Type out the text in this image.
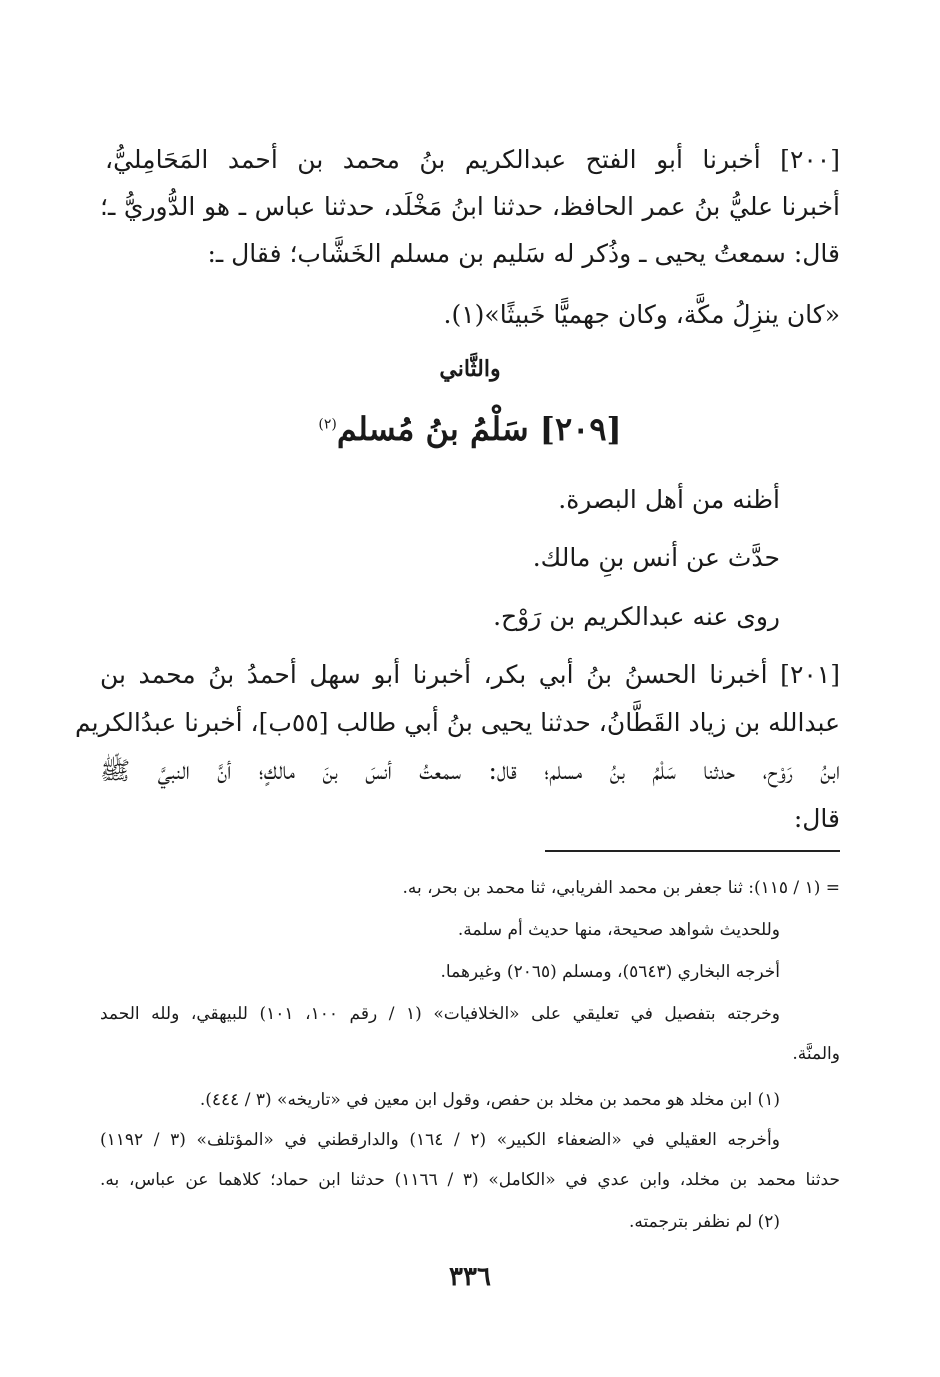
[٢٠٠] أخبرنا أبو الفتح عبدالكريم بنُ محمد بن أحمد المَحَامِليُّ،
أخبرنا عليُّ بنُ عمر الحافظ، حدثنا ابنُ مَخْلَد، حدثنا عباس ـ هو الدُّوريُّ ـ؛
قال: سمعتُ يحيى ـ وذُكر له سَليم بن مسلم الخَشَّاب؛ فقال ـ:
«كان ينزِلُ مكَّة، وكان جهميًّا خَبيثًا»(١).
والثَّاني
[٢٠٩] سَلْمُ بنُ مُسلم$^{(٢)}$
أظنه من أهل البصرة.
حدَّث عن أنس بنِ مالك.
روى عنه عبدالكريم بن رَوْح.
[٢٠١] أخبرنا الحسنُ بنُ أبي بكر، أخبرنا أبو سهل أحمدُ بنُ محمد بن
عبدالله بن زياد القَطَّانُ، حدثنا يحيى بنُ أبي طالب [٥٥ب]، أخبرنا عبدُالكريم
ابنُ رَوْح، حدثنا سَلْمُ بنُ مسلم؛ قال: سمعتُ أنسَ بنَ مالكٍ؛ أنَّ النبيَّ ﷺ
قال:
= (١ / ١١٥): ثنا جعفر بن محمد الفريابي، ثنا محمد بن بحر، به.
وللحديث شواهد صحيحة، منها حديث أم سلمة.
أخرجه البخاري (٥٦٤٣)، ومسلم (٢٠٦٥) وغيرهما.
وخرجته بتفصيل في تعليقي على «الخلافيات» (١ / رقم ١٠٠، ١٠١) للبيهقي، ولله الحمد
والمنَّة.
(١) ابن مخلد هو محمد بن مخلد بن حفص، وقول ابن معين في «تاريخه» (٣ / ٤٤٤).
وأخرجه العقيلي في «الضعفاء الكبير» (٢ / ١٦٤) والدارقطني في «المؤتلف» (٣ / ١١٩٢)
حدثنا محمد بن مخلد، وابن عدي في «الكامل» (٣ / ١١٦٦) حدثنا ابن حماد؛ كلاهما عن عباس، به.
(٢) لم نظفر بترجمته.
٣٣٦
